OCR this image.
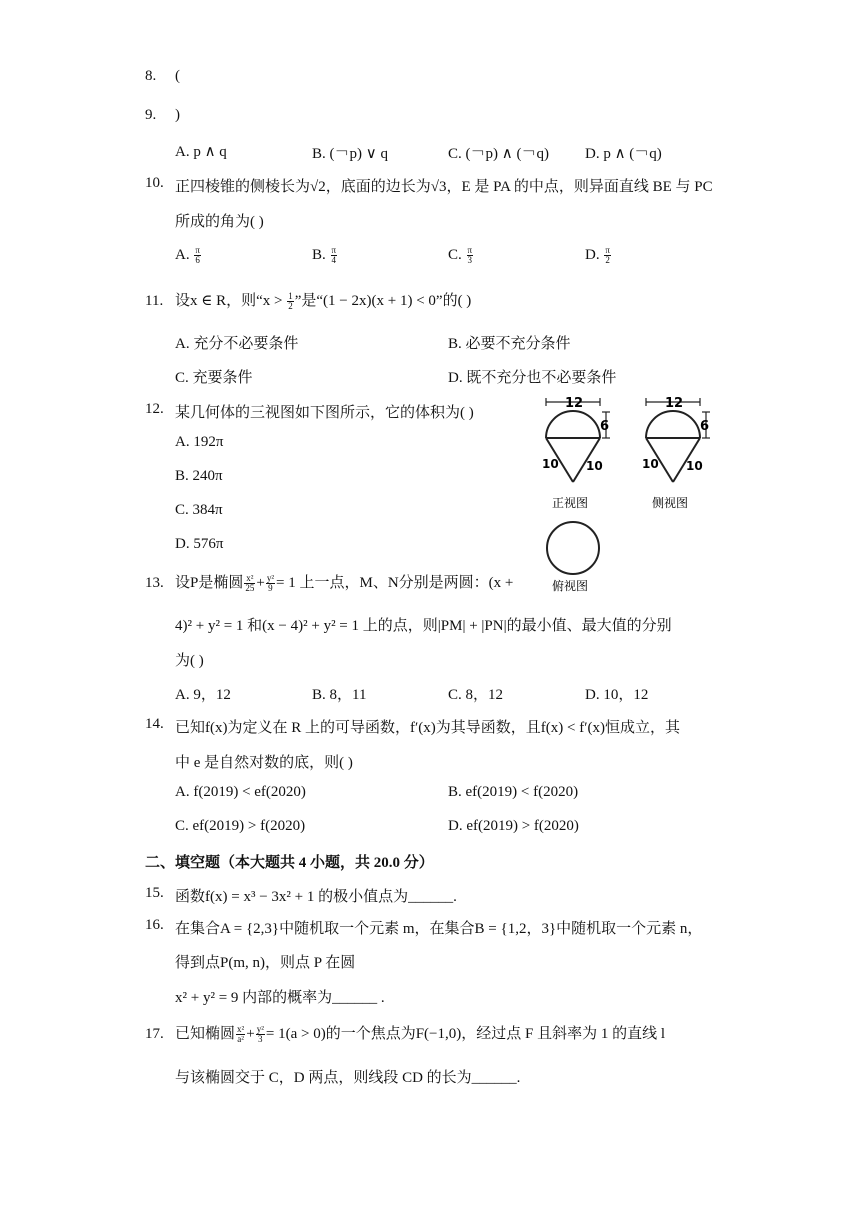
8. (
9. )
A. p ∧ q	B. (￢p) ∨ q	C. (￢p) ∧ (￢q) D. p ∧ (￢q)
10. 正四棱锥的侧棱长为√2，底面的边长为√3，E 是 PA 的中点，则异面直线 BE 与 PC
所成的角为( )
A. $\frac{\pi}{6}$	B. $\frac{\pi}{4}$	C. $\frac{\pi}{3}$	D. $\frac{\pi}{2}$
11. 设x ∈ R，则“$x > \frac{1}{2}$ ”是“(1 − 2x)(x + 1) < 0”的( )
A. 充分不必要条件	B. 必要不充分条件
C. 充要条件	D. 既不充分也不必要条件
12. 某几何体的三视图如下图所示，它的体积为( )
A. 192π
B. 240π
C. 384π
D. 576π
12
6
10 10
正视图
12
6
10 10
侧视图
俯视图
13. 设P是椭圆 $\frac{\text{x²}}{25} + \frac{\text{y²}}{9} = 1$ 上一点，M、N分别是两圆：(x +
4)² + y² = 1 和(x − 4)² + y² = 1 上的点，则|PM| + |PN|的最小值、最大值的分别
为( )
A. 9，12	B. 8，11	C. 8，12	D. 10，12
14. 已知f(x)为定义在 R 上的可导函数，f′(x)为其导函数，且f(x) < f′(x)恒成立，其
中 e 是自然对数的底，则( )
A. f(2019) < ef(2020)	B. ef(2019) < f(2020)
C. ef(2019) > f(2020)	D. ef(2019) > f(2020)
二、填空题（本大题共 4 小题，共 20.0 分）
15. 函数f(x) = x³ − 3x² + 1 的极小值点为______.
16. 在集合A = {2,3}中随机取一个元素 m，在集合B = {1,2，3}中随机取一个元素 n，
得到点P(m, n)，则点 P 在圆
x² + y² = 9 内部的概率为______ .
17. 已知椭圆 $\frac{\text{x²}}{\text{a²}} + \frac{\text{y²}}{3} = 1(a > 0)$的一个焦点为F(−1,0)，经过点 F 且斜率为 1 的直线 l
与该椭圆交于 C，D 两点，则线段 CD 的长为______.
